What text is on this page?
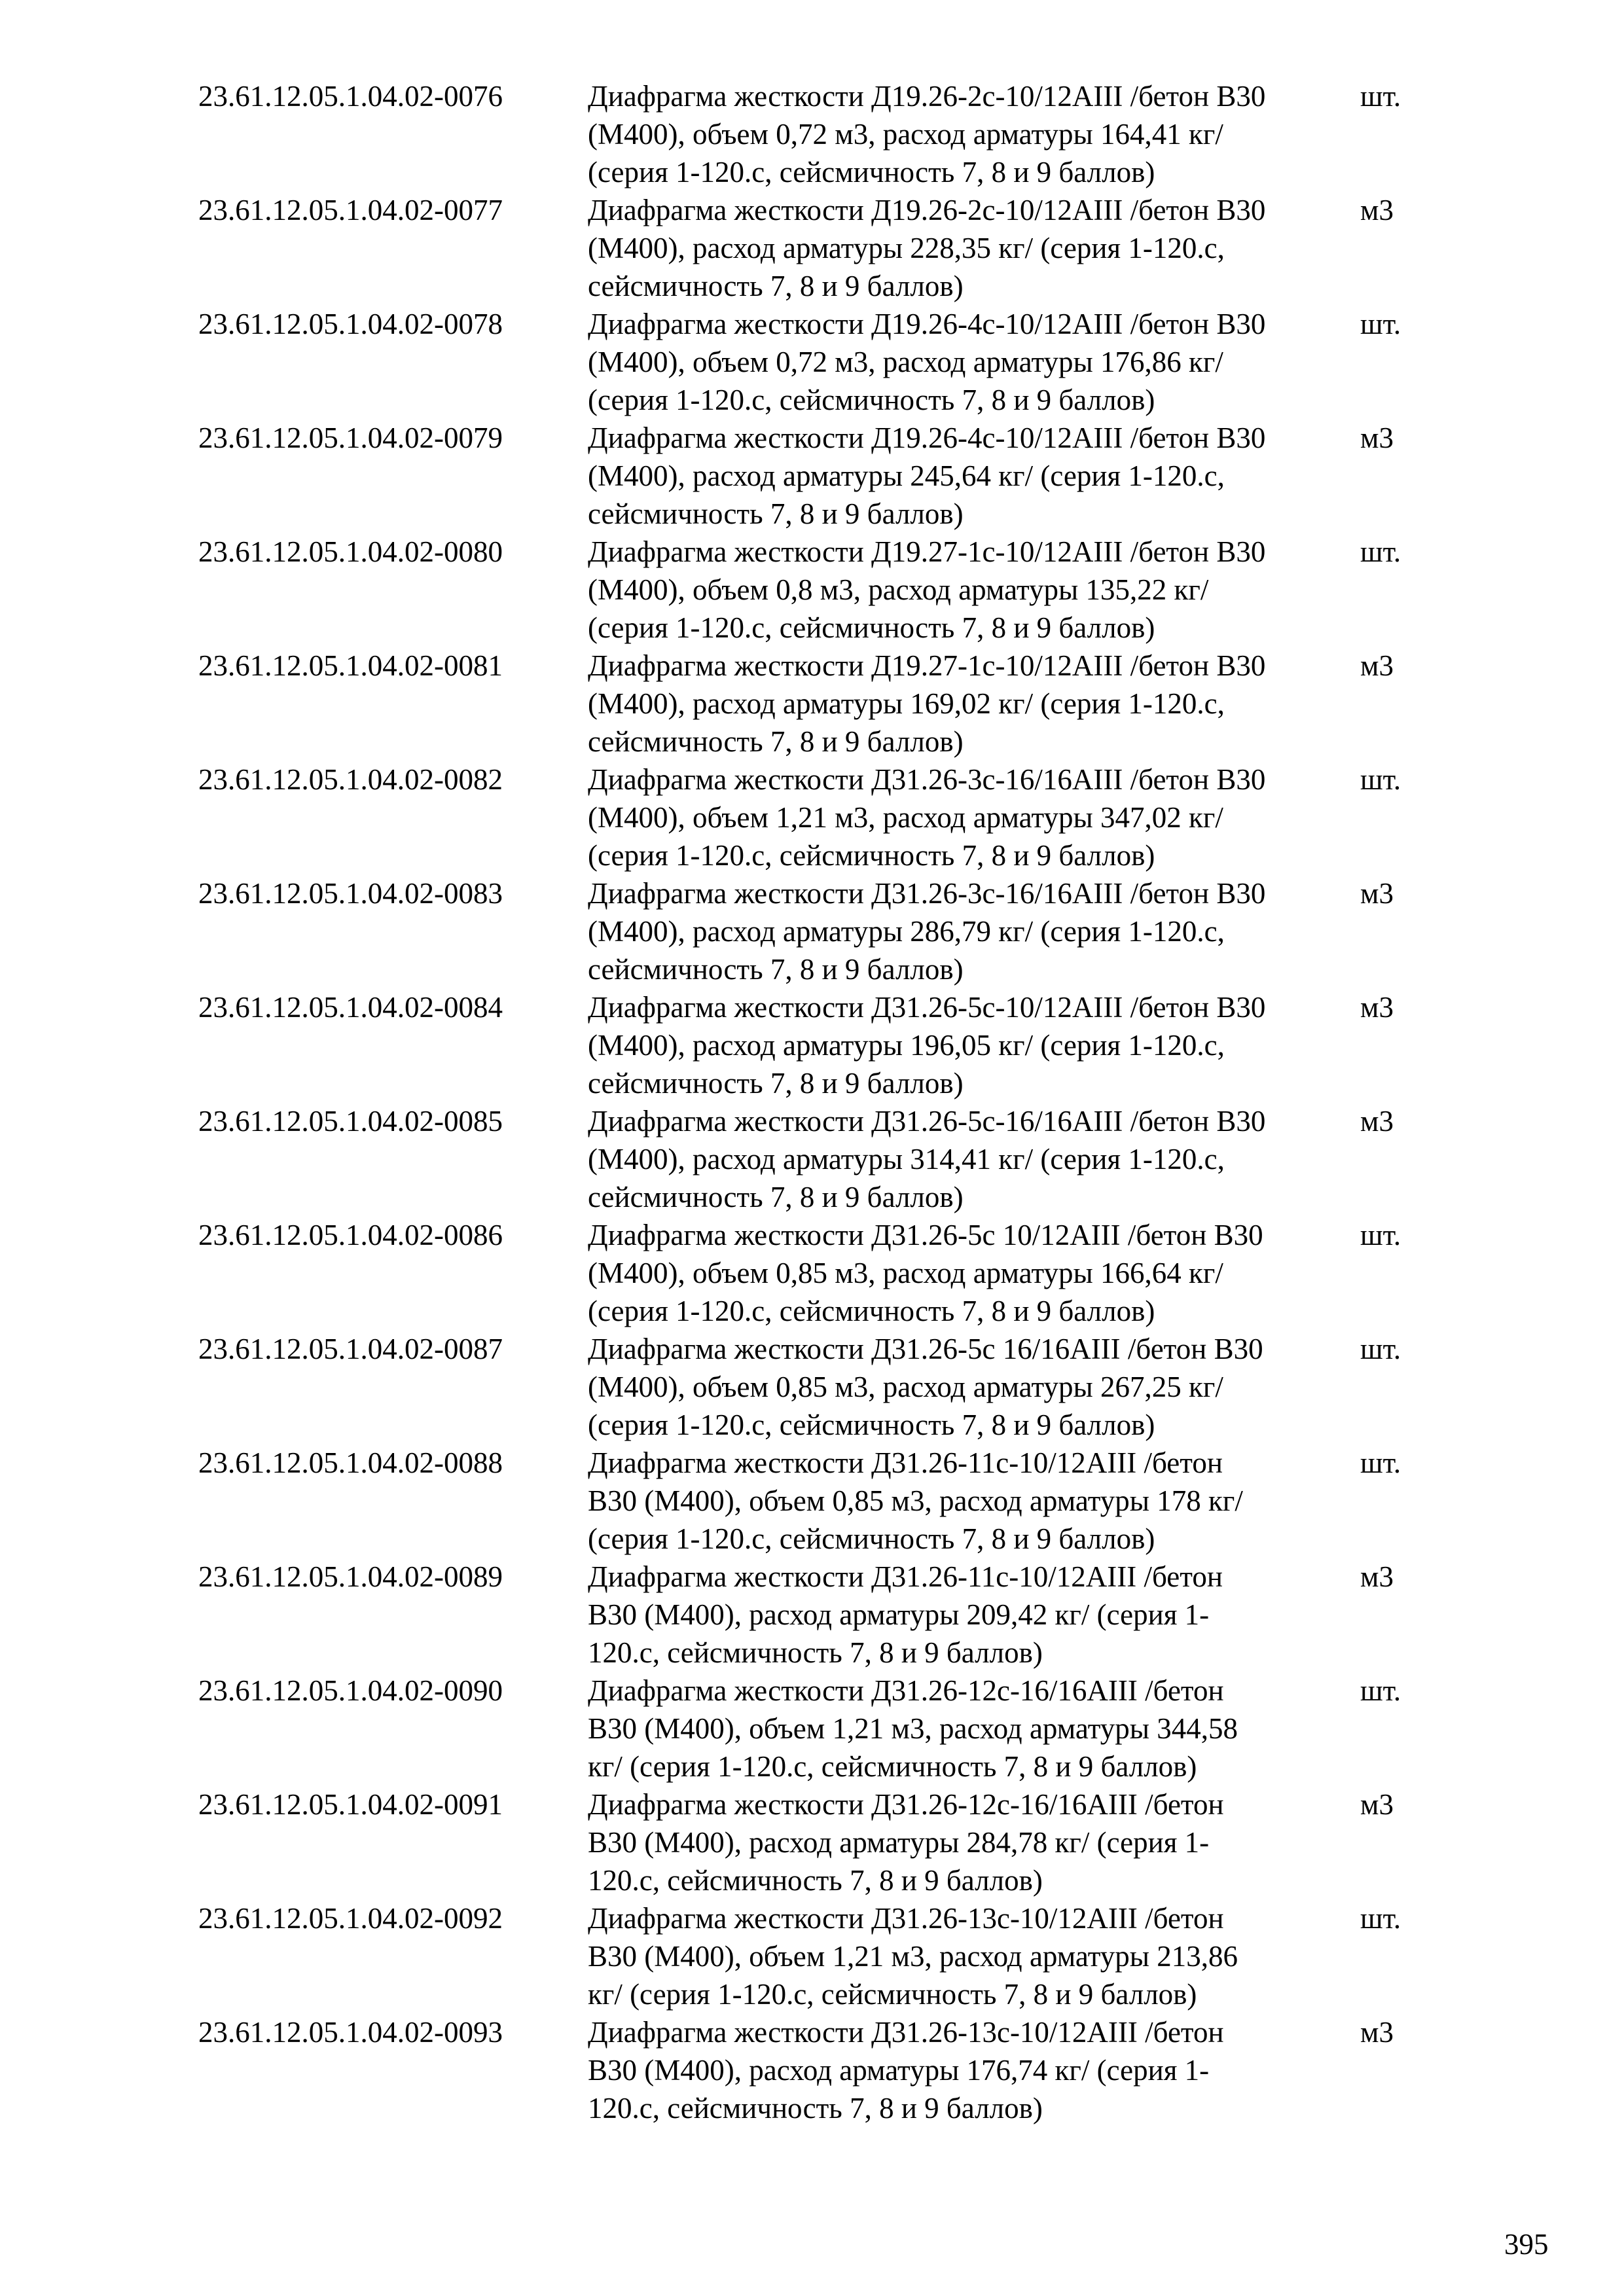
23.61.12.05.1.04.02-0076	Диафрагма жесткости Д19.26-2с-10/12АIII /бетон В30
(М400), объем 0,72 м3, расход арматуры 164,41 кг/
(серия 1-120.с, сейсмичность 7, 8 и 9 баллов)
шт.
23.61.12.05.1.04.02-0077	Диафрагма жесткости Д19.26-2с-10/12АIII /бетон В30
(М400), расход арматуры 228,35 кг/ (серия 1-120.с,
сейсмичность 7, 8 и 9 баллов)
м3
23.61.12.05.1.04.02-0078	Диафрагма жесткости Д19.26-4с-10/12АIII /бетон В30
(М400), объем 0,72 м3, расход арматуры 176,86 кг/
(серия 1-120.с, сейсмичность 7, 8 и 9 баллов)
шт.
23.61.12.05.1.04.02-0079	Диафрагма жесткости Д19.26-4с-10/12АIII /бетон В30
(М400), расход арматуры 245,64 кг/ (серия 1-120.с,
сейсмичность 7, 8 и 9 баллов)
м3
23.61.12.05.1.04.02-0080	Диафрагма жесткости Д19.27-1с-10/12АIII /бетон В30
(М400), объем 0,8 м3, расход арматуры 135,22 кг/
(серия 1-120.с, сейсмичность 7, 8 и 9 баллов)
шт.
23.61.12.05.1.04.02-0081	Диафрагма жесткости Д19.27-1с-10/12АIII /бетон В30
(М400), расход арматуры 169,02 кг/ (серия 1-120.с,
сейсмичность 7, 8 и 9 баллов)
м3
23.61.12.05.1.04.02-0082	Диафрагма жесткости Д31.26-3с-16/16АIII /бетон В30
(М400), объем 1,21 м3, расход арматуры 347,02 кг/
(серия 1-120.с, сейсмичность 7, 8 и 9 баллов)
шт.
23.61.12.05.1.04.02-0083	Диафрагма жесткости Д31.26-3с-16/16АIII /бетон В30
(М400), расход арматуры 286,79 кг/ (серия 1-120.с,
сейсмичность 7, 8 и 9 баллов)
м3
23.61.12.05.1.04.02-0084	Диафрагма жесткости Д31.26-5с-10/12АIII /бетон В30
(М400), расход арматуры 196,05 кг/ (серия 1-120.с,
сейсмичность 7, 8 и 9 баллов)
м3
23.61.12.05.1.04.02-0085	Диафрагма жесткости Д31.26-5с-16/16АIII /бетон В30
(М400), расход арматуры 314,41 кг/ (серия 1-120.с,
сейсмичность 7, 8 и 9 баллов)
м3
23.61.12.05.1.04.02-0086	Диафрагма жесткости Д31.26-5с 10/12АIII /бетон В30
(М400), объем 0,85 м3, расход арматуры 166,64 кг/
(серия 1-120.с, сейсмичность 7, 8 и 9 баллов)
шт.
23.61.12.05.1.04.02-0087	Диафрагма жесткости Д31.26-5с 16/16АIII /бетон В30
(М400), объем 0,85 м3, расход арматуры 267,25 кг/
(серия 1-120.с, сейсмичность 7, 8 и 9 баллов)
шт.
23.61.12.05.1.04.02-0088	Диафрагма жесткости Д31.26-11с-10/12АIII /бетон
В30 (М400), объем 0,85 м3, расход арматуры 178 кг/
(серия 1-120.с, сейсмичность 7, 8 и 9 баллов)
шт.
23.61.12.05.1.04.02-0089	Диафрагма жесткости Д31.26-11с-10/12АIII /бетон
В30 (М400), расход арматуры 209,42 кг/ (серия 1-
120.с, сейсмичность 7, 8 и 9 баллов)
м3
23.61.12.05.1.04.02-0090	Диафрагма жесткости Д31.26-12с-16/16АIII /бетон
В30 (М400), объем 1,21 м3, расход арматуры 344,58
кг/ (серия 1-120.с, сейсмичность 7, 8 и 9 баллов)
шт.
23.61.12.05.1.04.02-0091	Диафрагма жесткости Д31.26-12с-16/16АIII /бетон
В30 (М400), расход арматуры 284,78 кг/ (серия 1-
120.с, сейсмичность 7, 8 и 9 баллов)
м3
23.61.12.05.1.04.02-0092	Диафрагма жесткости Д31.26-13с-10/12АIII /бетон
В30 (М400), объем 1,21 м3, расход арматуры 213,86
кг/ (серия 1-120.с, сейсмичность 7, 8 и 9 баллов)
шт.
23.61.12.05.1.04.02-0093	Диафрагма жесткости Д31.26-13с-10/12АIII /бетон
В30 (М400), расход арматуры 176,74 кг/ (серия 1-
120.с, сейсмичность 7, 8 и 9 баллов)
м3
395
